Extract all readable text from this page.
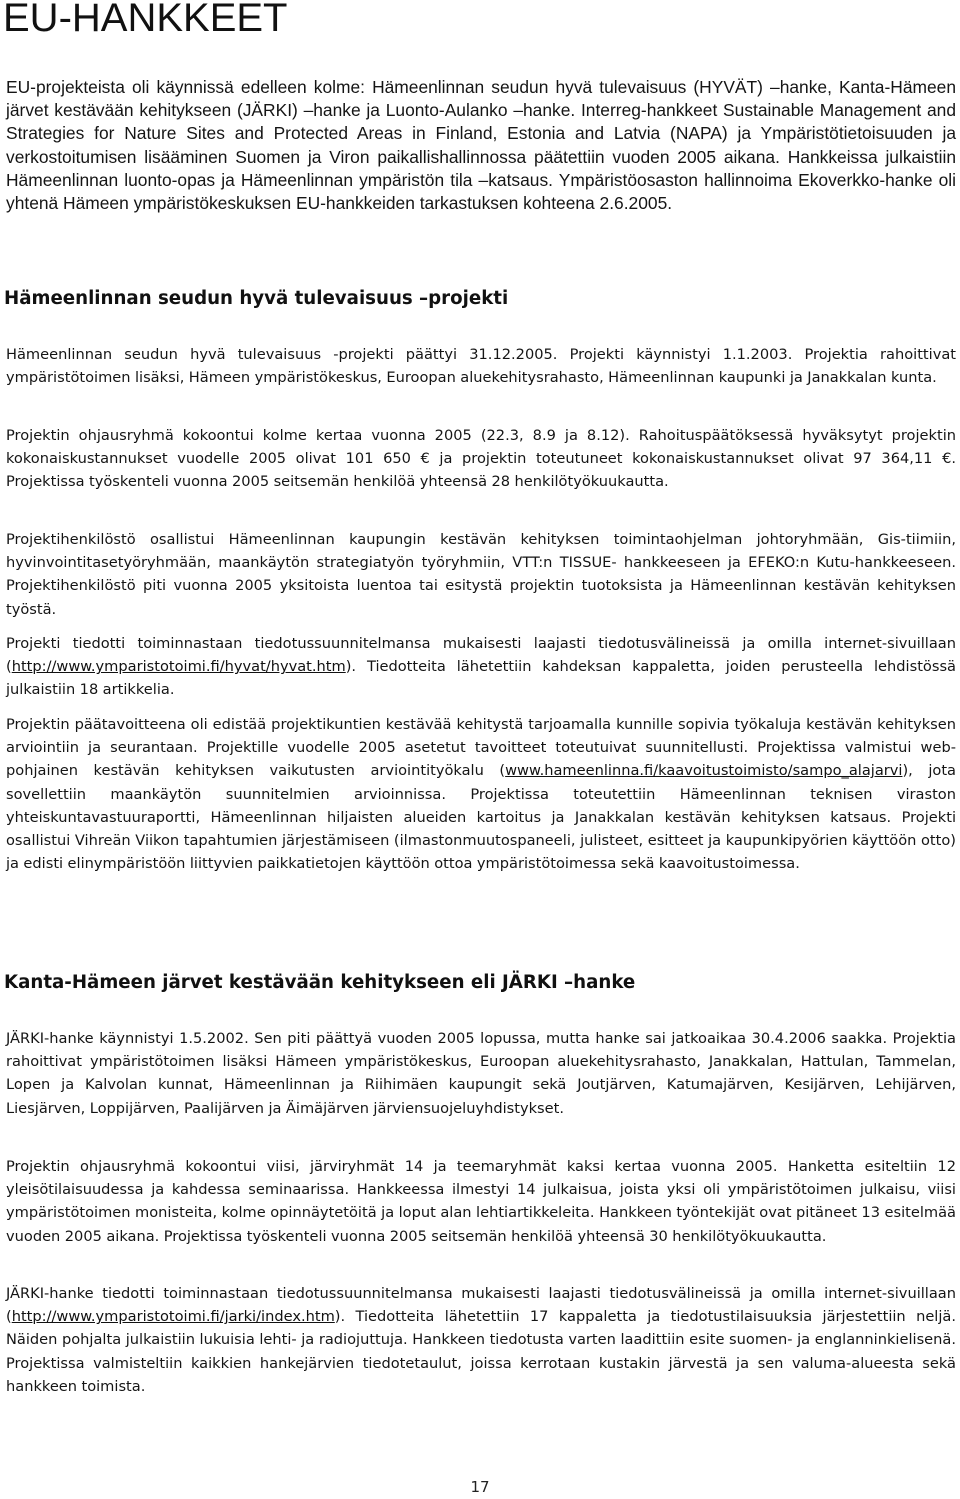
EU-HANKKEET

EU-projekteista oli käynnissä edelleen kolme: Hämeenlinnan seudun hyvä tulevaisuus (HYVÄT) –hanke, Kanta-Hämeen järvet kestävään kehitykseen (JÄRKI) –hanke ja Luonto-Aulanko –hanke. Interreg-hankkeet Sustainable Management and Strategies for Nature Sites and Protected Areas in Finland, Estonia and Latvia (NAPA) ja Ympäristötietoisuuden ja verkostoitumisen lisääminen Suomen ja Viron paikallishallinnossa päätettiin vuoden 2005 aikana. Hankkeissa julkaistiin Hämeenlinnan luonto-opas ja Hämeenlinnan ympäristön tila –katsaus. Ympäristöosaston hallinnoima Ekoverkko-hanke oli yhtenä Hämeen ympäristökeskuksen EU-hankkeiden tarkastuksen kohteena 2.6.2005.

Hämeenlinnan seudun hyvä tulevaisuus –projekti

Hämeenlinnan seudun hyvä tulevaisuus -projekti päättyi 31.12.2005. Projekti käynnistyi 1.1.2003. Projektia rahoittivat ympäristötoimen lisäksi, Hämeen ympäristökeskus, Euroopan aluekehitysrahasto, Hämeenlinnan kaupunki ja Janakkalan kunta.

Projektin ohjausryhmä kokoontui kolme kertaa vuonna 2005 (22.3, 8.9 ja 8.12). Rahoituspäätöksessä hyväksytyt projektin kokonaiskustannukset vuodelle 2005 olivat 101 650 € ja projektin toteutuneet kokonaiskustannukset olivat 97 364,11 €. Projektissa työskenteli vuonna 2005 seitsemän henkilöä yhteensä 28 henkilötyökuukautta.

Projektihenkilöstö osallistui Hämeenlinnan kaupungin kestävän kehityksen toimintaohjelman johtoryhmään, Gis-tiimiin, hyvinvointitasetyöryhmään, maankäytön strategiatyön työryhmiin, VTT:n TISSUE- hankkeeseen ja EFEKO:n Kutu-hankkeeseen. Projektihenkilöstö piti vuonna 2005 yksitoista luentoa tai esitystä projektin tuotoksista ja Hämeenlinnan kestävän kehityksen työstä.

Projekti tiedotti toiminnastaan tiedotussuunnitelmansa mukaisesti laajasti tiedotusvälineissä ja omilla internet-sivuillaan (http://www.ymparistotoimi.fi/hyvat/hyvat.htm). Tiedotteita lähetettiin kahdeksan kappaletta, joiden perusteella lehdistössä julkaistiin 18 artikkelia.

Projektin päätavoitteena oli edistää projektikuntien kestävää kehitystä tarjoamalla kunnille sopivia työkaluja kestävän kehityksen arviointiin ja seurantaan. Projektille vuodelle 2005 asetetut tavoitteet toteutuivat suunnitellusti. Projektissa valmistui web-pohjainen kestävän kehityksen vaikutusten arviointityökalu (www.hameenlinna.fi/kaavoitustoimisto/sampo_alajarvi), jota sovellettiin maankäytön suunnitelmien arvioinnissa. Projektissa toteutettiin Hämeenlinnan teknisen viraston yhteiskuntavastuuraportti, Hämeenlinnan hiljaisten alueiden kartoitus ja Janakkalan kestävän kehityksen katsaus. Projekti osallistui Vihreän Viikon tapahtumien järjestämiseen (ilmastonmuutospaneeli, julisteet, esitteet ja kaupunkipyörien käyttöön otto) ja edisti elinympäristöön liittyvien paikkatietojen käyttöön ottoa ympäristötoimessa sekä kaavoitustoimessa.

Kanta-Hämeen järvet kestävään kehitykseen eli JÄRKI –hanke

JÄRKI-hanke käynnistyi 1.5.2002. Sen piti päättyä vuoden 2005 lopussa, mutta hanke sai jatkoaikaa 30.4.2006 saakka. Projektia rahoittivat ympäristötoimen lisäksi Hämeen ympäristökeskus, Euroopan aluekehitysrahasto, Janakkalan, Hattulan, Tammelan, Lopen ja Kalvolan kunnat, Hämeenlinnan ja Riihimäen kaupungit sekä Joutjärven, Katumajärven, Kesijärven, Lehijärven, Liesjärven, Loppijärven, Paalijärven ja Äimäjärven järviensuojeluyhdistykset.

Projektin ohjausryhmä kokoontui viisi, järviryhmät 14 ja teemaryhmät kaksi kertaa vuonna 2005. Hanketta esiteltiin 12 yleisötilaisuudessa ja kahdessa seminaarissa. Hankkeessa ilmestyi 14 julkaisua, joista yksi oli ympäristötoimen julkaisu, viisi ympäristötoimen monisteita, kolme opinnäytetöitä ja loput alan lehtiartikkeleita. Hankkeen työntekijät ovat pitäneet 13 esitelmää vuoden 2005 aikana. Projektissa työskenteli vuonna 2005 seitsemän henkilöä yhteensä 30 henkilötyökuukautta.

JÄRKI-hanke tiedotti toiminnastaan tiedotussuunnitelmansa mukaisesti laajasti tiedotusvälineissä ja omilla internet-sivuillaan (http://www.ymparistotoimi.fi/jarki/index.htm). Tiedotteita lähetettiin 17 kappaletta ja tiedotustilaisuuksia järjestettiin neljä. Näiden pohjalta julkaistiin lukuisia lehti- ja radiojuttuja. Hankkeen tiedotusta varten laadittiin esite suomen- ja englanninkielisenä. Projektissa valmisteltiin kaikkien hankejärvien tiedotetaulut, joissa kerrotaan kustakin järvestä ja sen valuma-alueesta sekä hankkeen toimista.

17
